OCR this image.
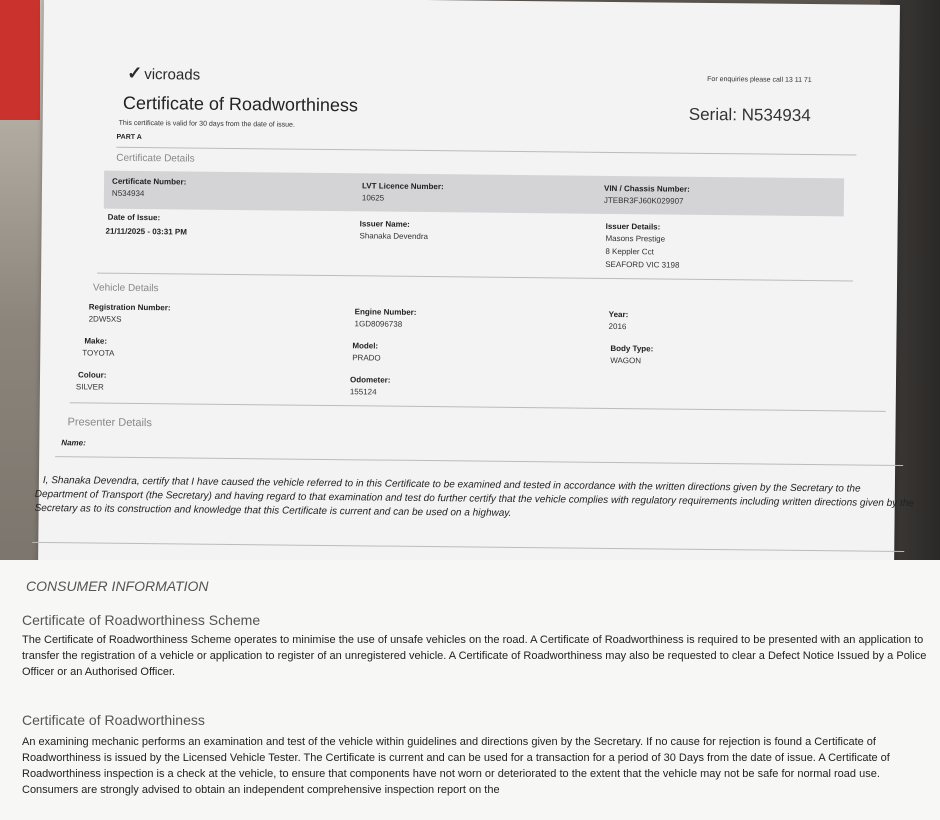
✓ vicroads	For enquiries please call 13 11 71
Certificate of Roadworthiness	Serial: N534934
This certificate is valid for 30 days from the date of issue.
PART A
Certificate Details
Certificate Number:
N534934
LVT Licence Number:
10625
VIN / Chassis Number:
JTEBR3FJ60K029907
Date of Issue:
21/11/2025 - 03:31 PM
Issuer Name:
Shanaka Devendra
Issuer Details:
Masons Prestige
8 Keppler Cct
SEAFORD VIC 3198
Vehicle Details
Registration Number:
2DW5XS
Engine Number:
1GD8096738
Year:
2016
Make:
TOYOTA
Model:
PRADO
Body Type:
WAGON
Colour:
SILVER
Odometer:
155124
Presenter Details
Name:
I, Shanaka Devendra, certify that I have caused the vehicle referred to in this Certificate to be examined and tested in accordance with the written directions given by the Secretary to the Department of Transport (the Secretary) and having regard to that examination and test do further certify that the vehicle complies with regulatory requirements including written directions given by the Secretary as to its construction and knowledge that this Certificate is current and can be used on a highway.
CONSUMER INFORMATION
Certificate of Roadworthiness Scheme
The Certificate of Roadworthiness Scheme operates to minimise the use of unsafe vehicles on the road. A Certificate of Roadworthiness is required to be presented with an application to transfer the registration of a vehicle or application to register of an unregistered vehicle. A Certificate of Roadworthiness may also be requested to clear a Defect Notice Issued by a Police Officer or an Authorised Officer.
Certificate of Roadworthiness
An examining mechanic performs an examination and test of the vehicle within guidelines and directions given by the Secretary. If no cause for rejection is found a Certificate of Roadworthiness is issued by the Licensed Vehicle Tester. The Certificate is current and can be used for a transaction for a period of 30 Days from the date of issue. A Certificate of Roadworthiness inspection is a check at the vehicle, to ensure that components have not worn or deteriorated to the extent that the vehicle may not be safe for normal road use. Consumers are strongly advised to obtain an independent comprehensive inspection report on the
